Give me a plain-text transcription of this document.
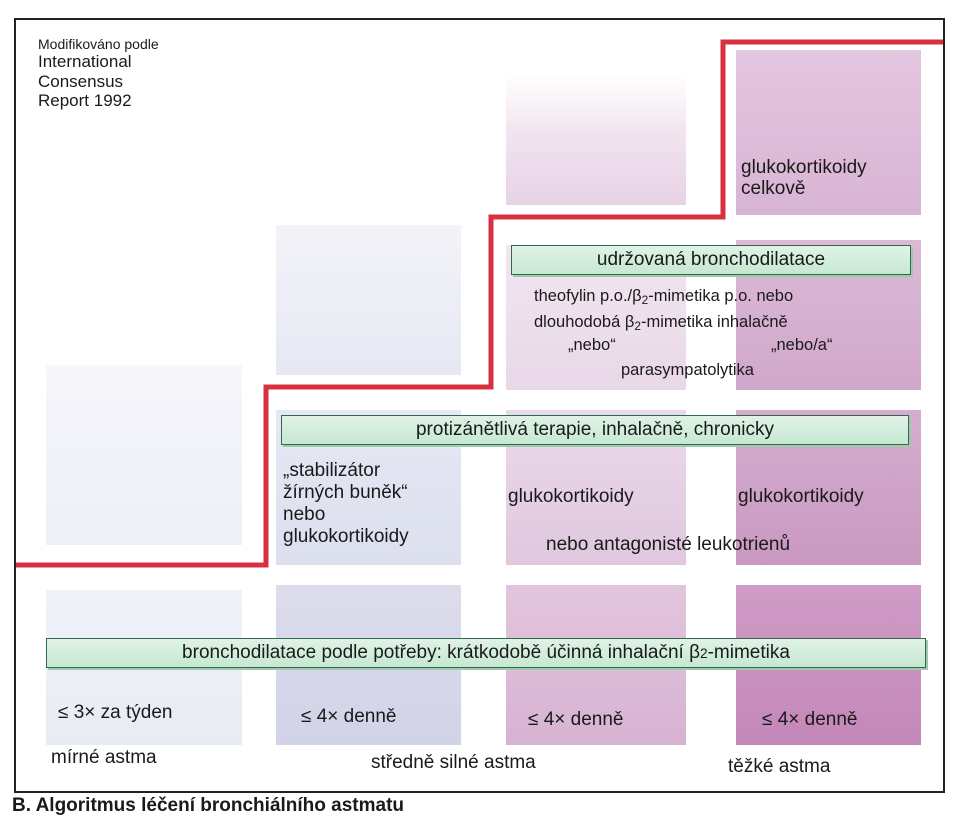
Modifikováno podle
International
Consensus
Report 1992
glukokortikoidy
celkově
udržovaná bronchodilatace
theofylin $p.o./\beta_2$-mimetika p.o. nebo
dlouhodobá $\beta_2$-mimetika inhalačně
„nebo“	„nebo/a“
parasympatolytika
protizánětlivá terapie, inhalačně, chronicky
„stabilizátor
žírných buněk“
nebo
glukokortikoidy
glukokortikoidy	glukokortikoidy
nebo antagonisté leukotrienů
bronchodilatace podle potřeby: krátkodobě účinná inhalační β 2 -mimetika
≤ 3× za týden	≤ 4× denně	≤ 4× denně	≤ 4× denně
mírné astma	středně silné astma	těžké astma
B. Algoritmus léčení bronchiálního astmatu
